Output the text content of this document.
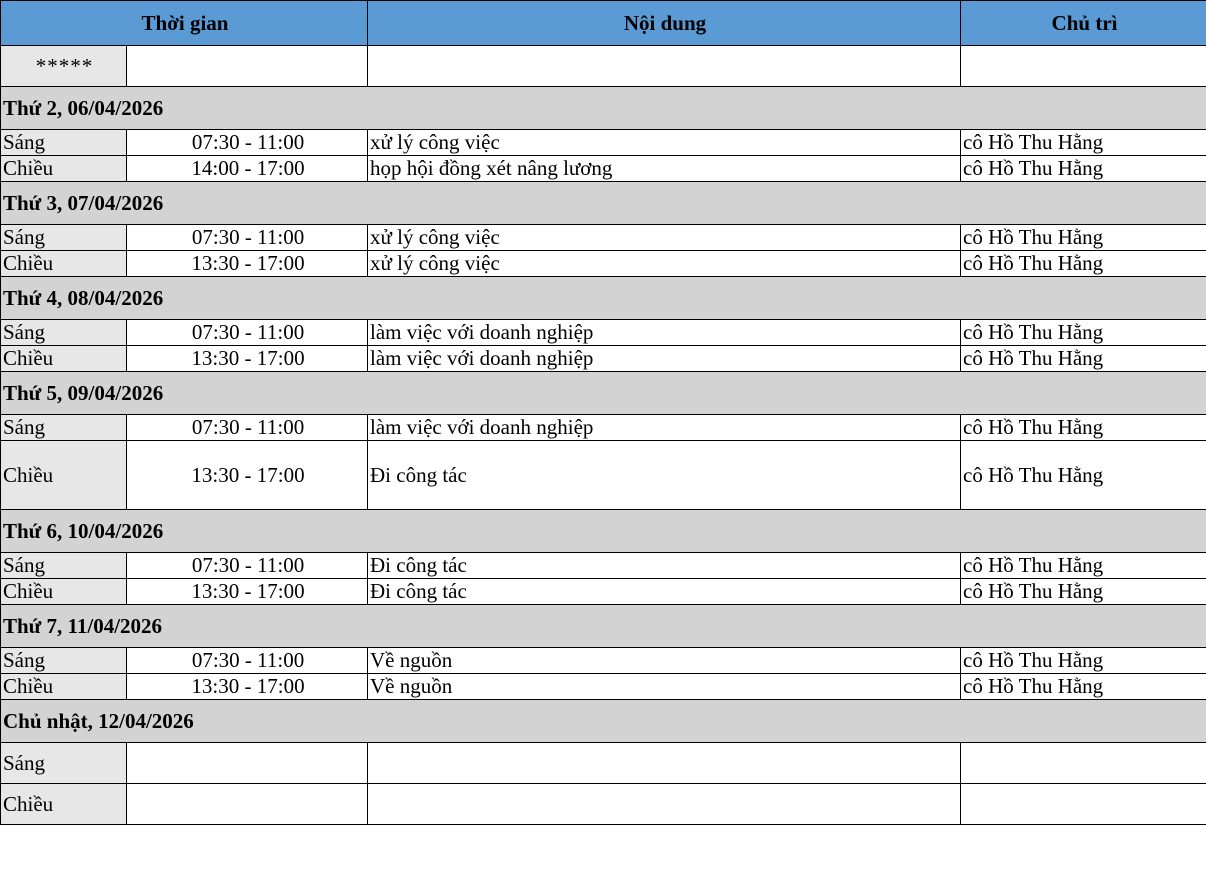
Thời gian		Nội dung	Chủ trì
*****			
Thứ 2, 06/04/2026			
Sáng	07:30 - 11:00	xử lý công việc	cô Hồ Thu Hằng
Chiều	14:00 - 17:00	họp hội đồng xét nâng lương	cô Hồ Thu Hằng
Thứ 3, 07/04/2026			
Sáng	07:30 - 11:00	xử lý công việc	cô Hồ Thu Hằng
Chiều	13:30 - 17:00	xử lý công việc	cô Hồ Thu Hằng
Thứ 4, 08/04/2026			
Sáng	07:30 - 11:00	làm việc với doanh nghiệp	cô Hồ Thu Hằng
Chiều	13:30 - 17:00	làm việc với doanh nghiệp	cô Hồ Thu Hằng
Thứ 5, 09/04/2026			
Sáng	07:30 - 11:00	làm việc với doanh nghiệp	cô Hồ Thu Hằng
Chiều	13:30 - 17:00	Đi công tác	cô Hồ Thu Hằng
Thứ 6, 10/04/2026			
Sáng	07:30 - 11:00	Đi công tác	cô Hồ Thu Hằng
Chiều	13:30 - 17:00	Đi công tác	cô Hồ Thu Hằng
Thứ 7, 11/04/2026			
Sáng	07:30 - 11:00	Về nguồn	cô Hồ Thu Hằng
Chiều	13:30 - 17:00	Về nguồn	cô Hồ Thu Hằng
Chủ nhật, 12/04/2026			
Sáng			
Chiều			
